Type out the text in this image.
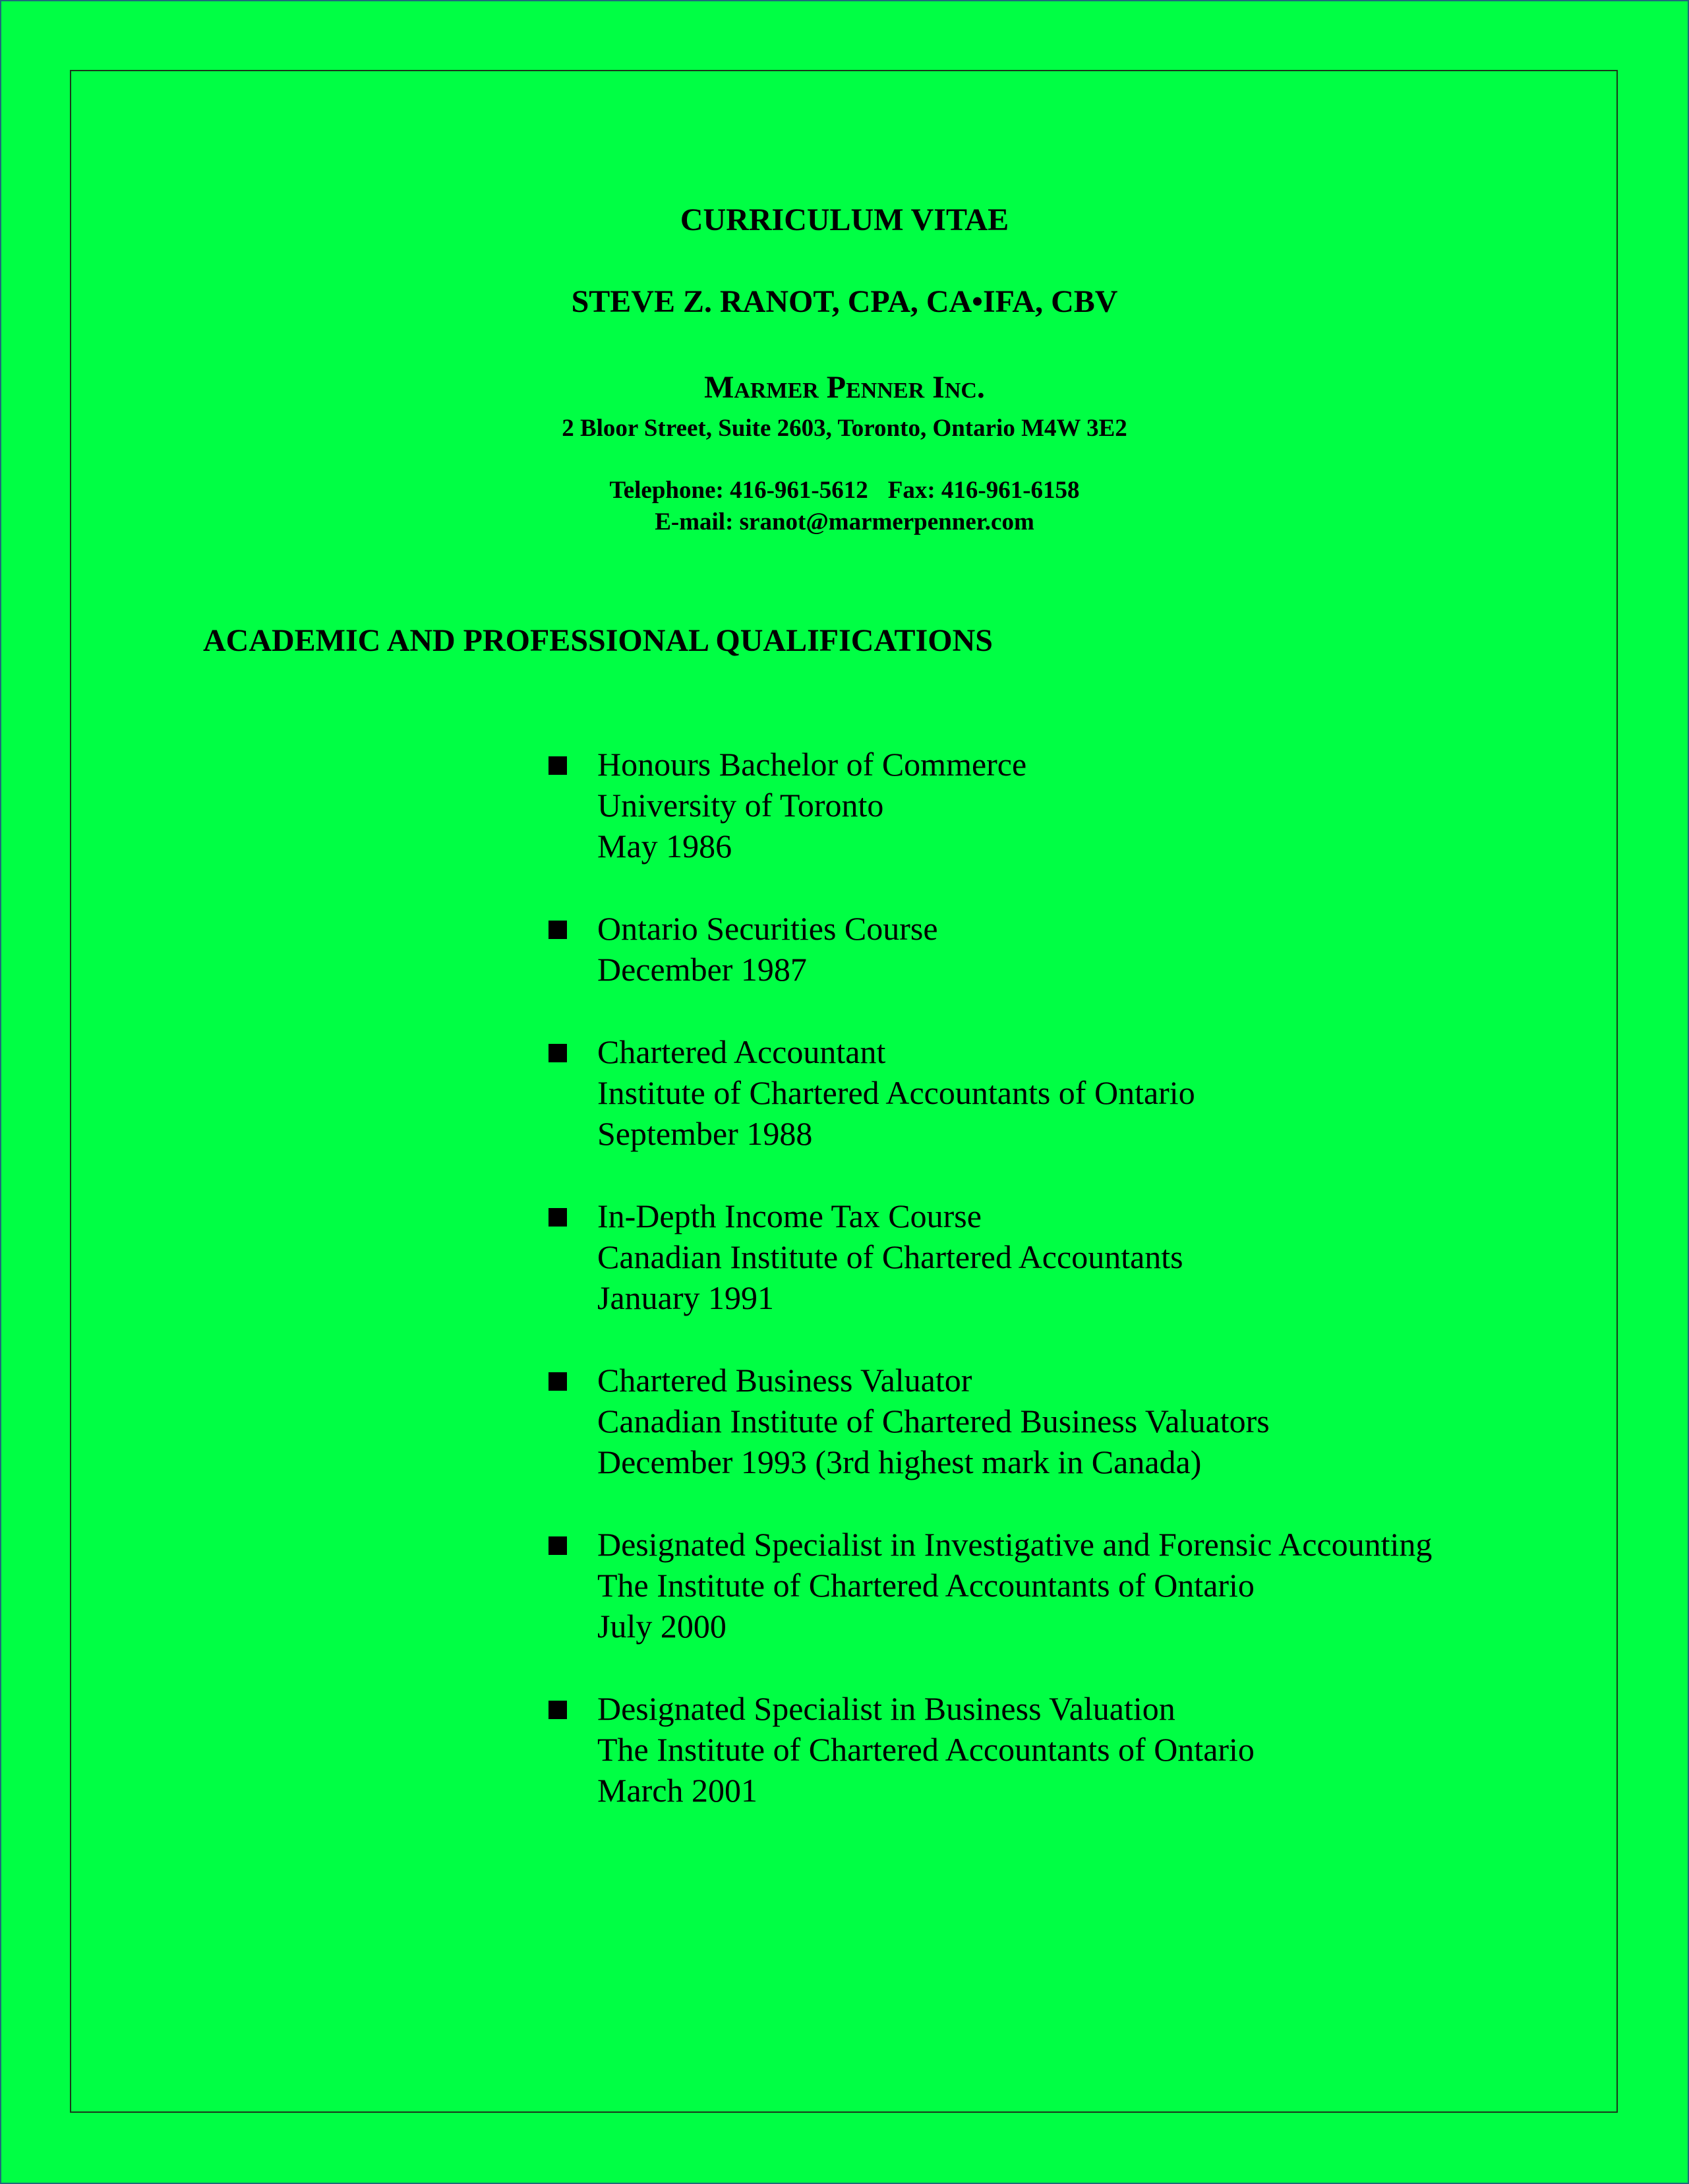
CURRICULUM VITAE
STEVE Z. RANOT, CPA, CA•IFA, CBV
Marmer Penner Inc.
2 Bloor Street, Suite 2603, Toronto, Ontario M4W 3E2
Telephone: 416-961-5612 Fax: 416-961-6158
E-mail: sranot@marmerpenner.com
ACADEMIC AND PROFESSIONAL QUALIFICATIONS
Honours Bachelor of Commerce
University of Toronto
May 1986
Ontario Securities Course
December 1987
Chartered Accountant
Institute of Chartered Accountants of Ontario
September 1988
In-Depth Income Tax Course
Canadian Institute of Chartered Accountants
January 1991
Chartered Business Valuator
Canadian Institute of Chartered Business Valuators
December 1993 (3rd highest mark in Canada)
Designated Specialist in Investigative and Forensic Accounting
The Institute of Chartered Accountants of Ontario
July 2000
Designated Specialist in Business Valuation
The Institute of Chartered Accountants of Ontario
March 2001
